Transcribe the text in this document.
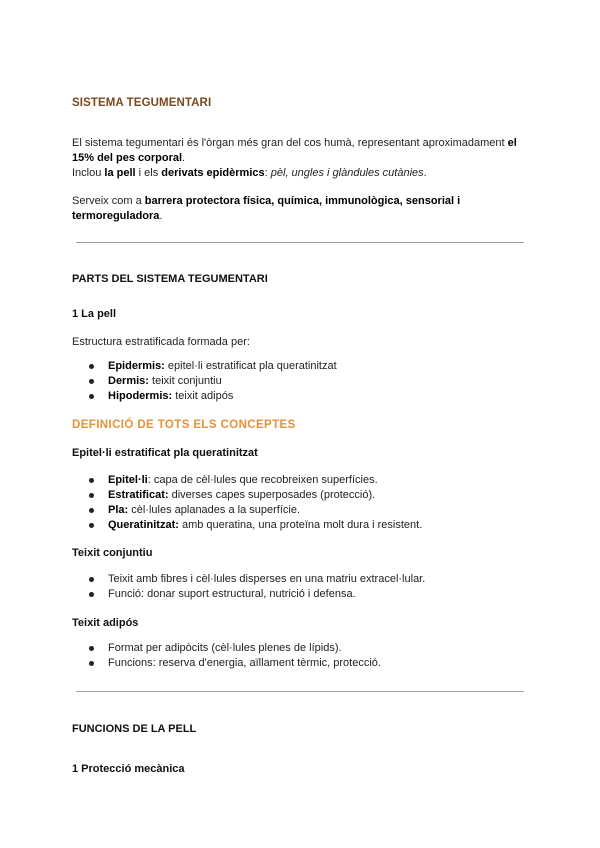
SISTEMA TEGUMENTARI
El sistema tegumentari és l'òrgan més gran del cos humà, representant aproximadament el 15% del pes corporal.
Inclou la pell i els derivats epidèrmics: pèl, ungles i glàndules cutànies.
Serveix com a barrera protectora física, química, immunològica, sensorial i termoreguladora.
PARTS DEL SISTEMA TEGUMENTARI
1 La pell
Estructura estratificada formada per:
Epidermis: epitel·li estratificat pla queratinitzat
Dermis: teixit conjuntiu
Hipodermis: teixit adipós
DEFINICIÓ DE TOTS ELS CONCEPTES
Epitel·li estratificat pla queratinitzat
Epitel·li: capa de cèl·lules que recobreixen superfícies.
Estratificat: diverses capes superposades (protecció).
Pla: cèl·lules aplanades a la superfície.
Queratinitzat: amb queratina, una proteïna molt dura i resistent.
Teixit conjuntiu
Teixit amb fibres i cèl·lules disperses en una matriu extracel·lular.
Funció: donar suport estructural, nutrició i defensa.
Teixit adipós
Format per adipòcits (cèl·lules plenes de lípids).
Funcions: reserva d'energia, aïllament tèrmic, protecció.
FUNCIONS DE LA PELL
1 Protecció mecànica
